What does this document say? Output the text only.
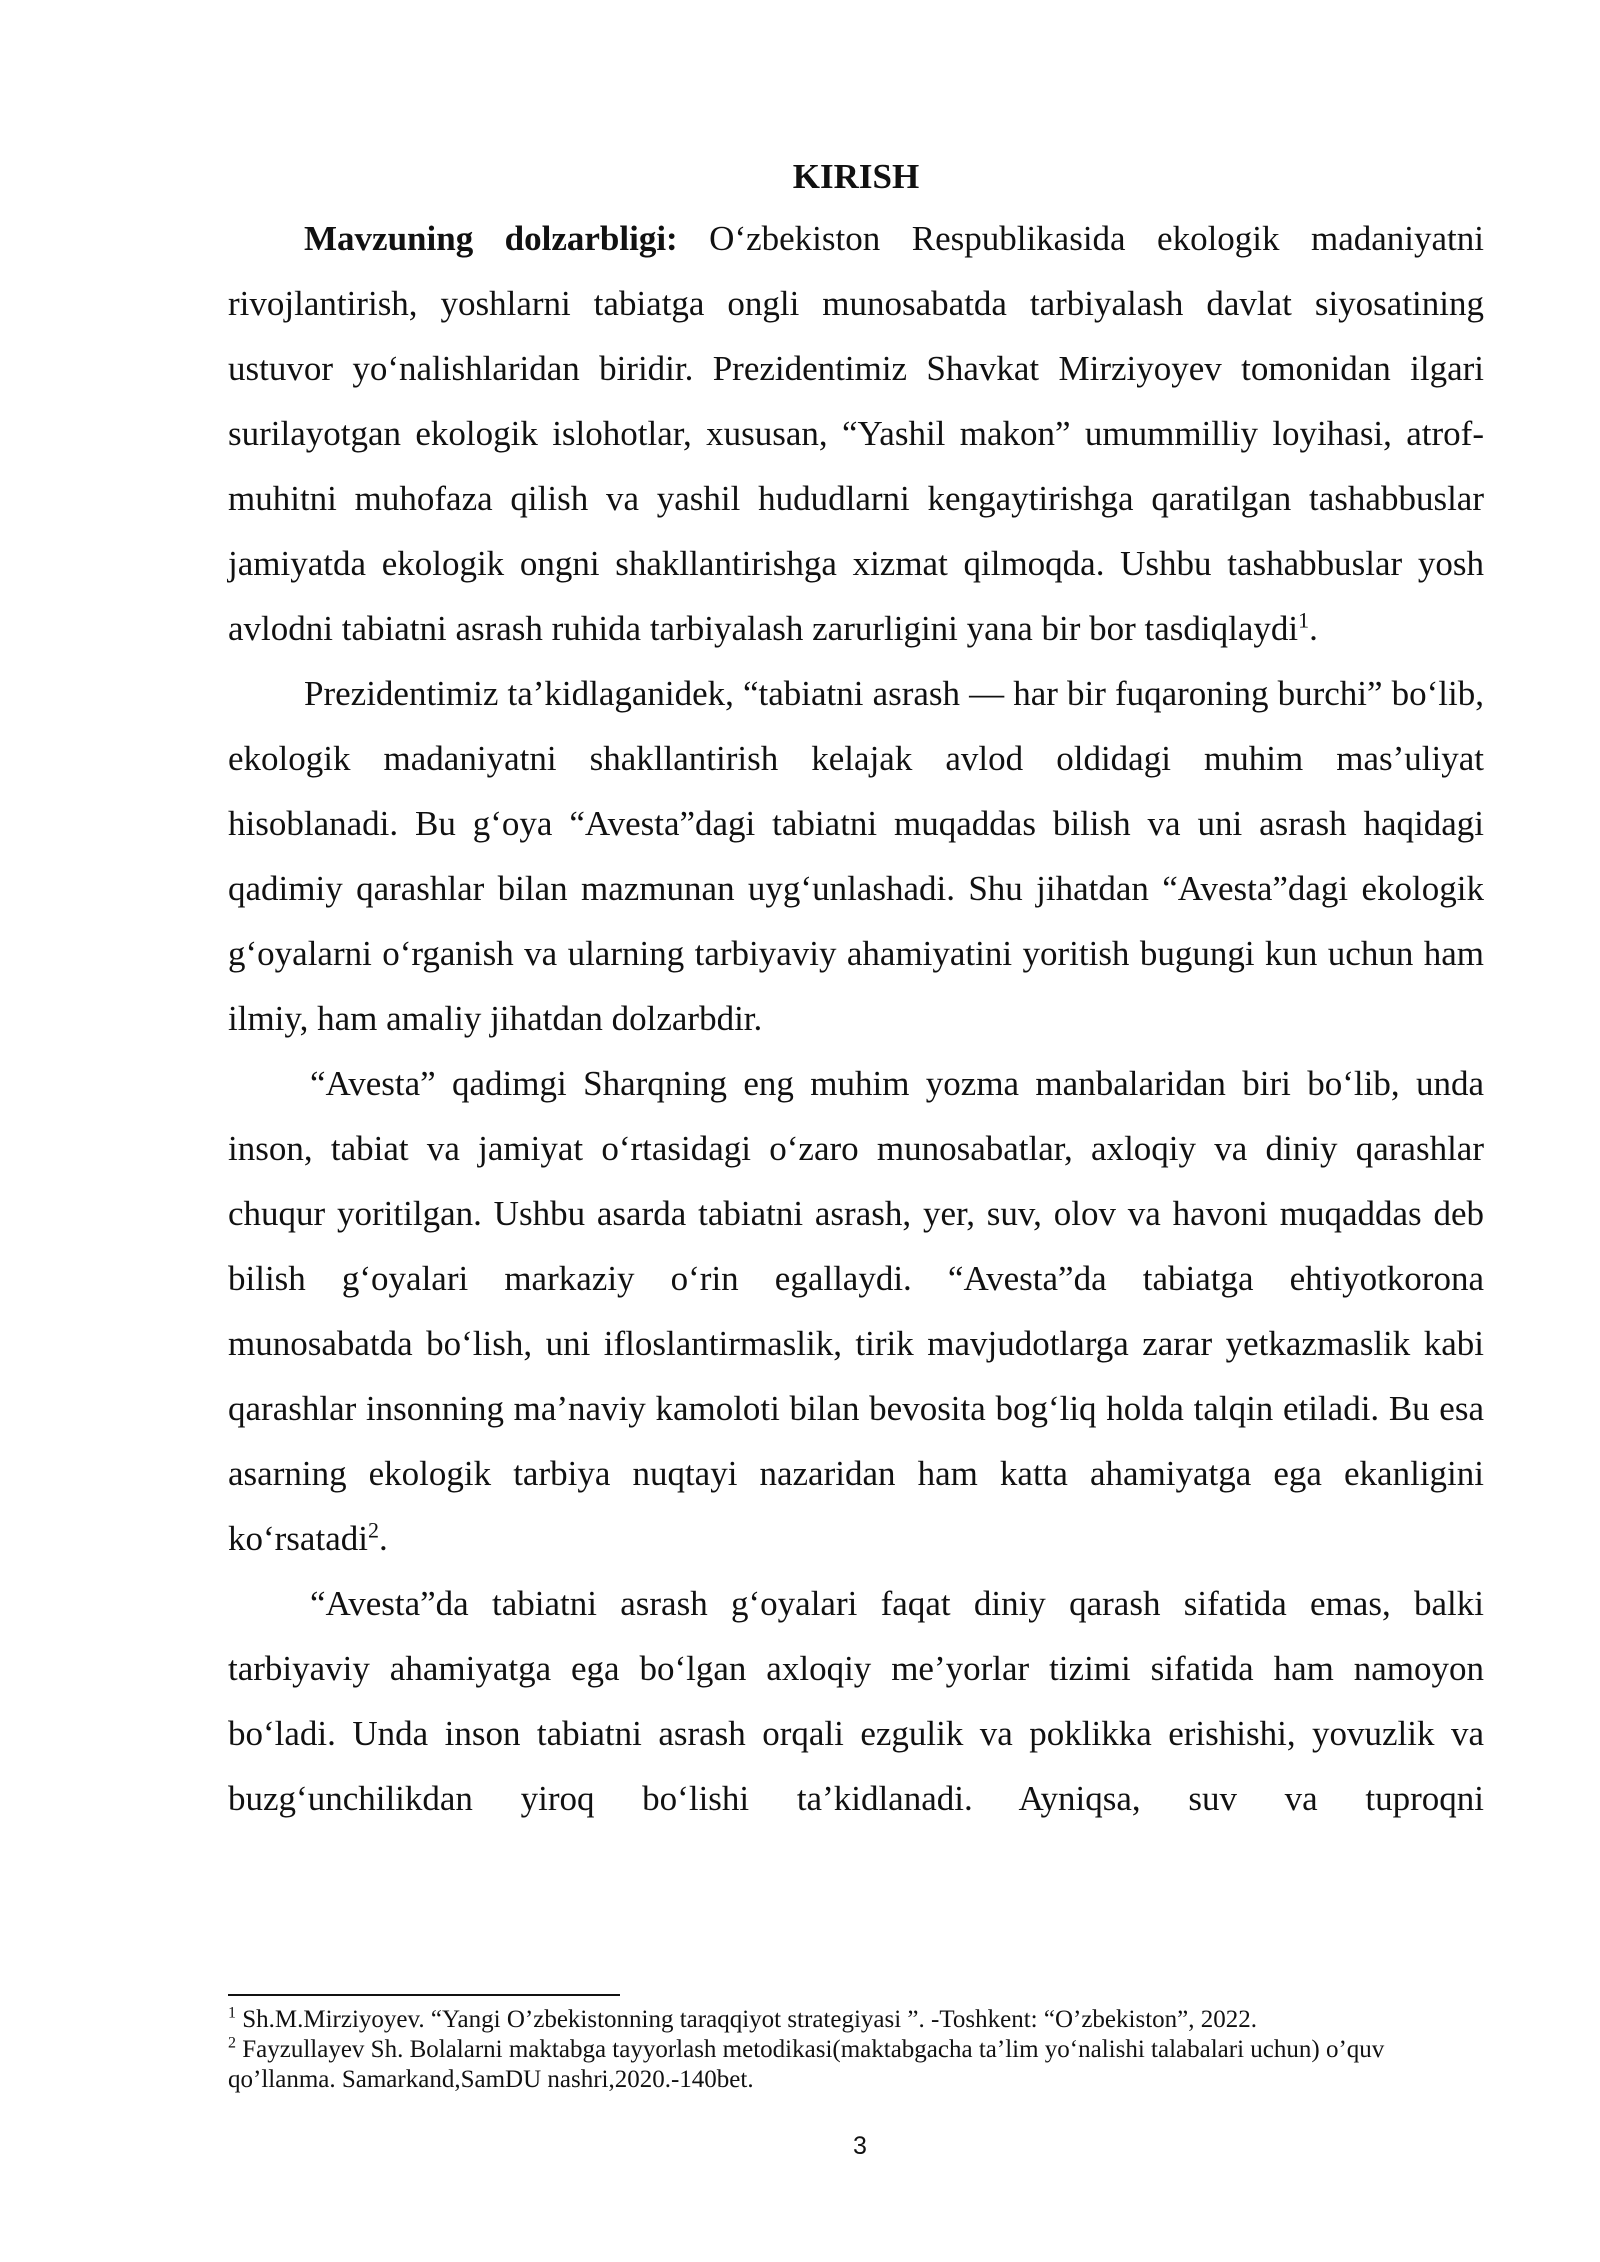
KIRISH

Mavzuning dolzarbligi: O‘zbekiston Respublikasida ekologik madaniyatni rivojlantirish, yoshlarni tabiatga ongli munosabatda tarbiyalash davlat siyosatining ustuvor yo‘nalishlaridan biridir. Prezidentimiz Shavkat Mirziyoyev tomonidan ilgari surilayotgan ekologik islohotlar, xususan, “Yashil makon” umummilliy loyihasi, atrof-muhitni muhofaza qilish va yashil hududlarni kengaytirishga qaratilgan tashabbuslar jamiyatda ekologik ongni shakllantirishga xizmat qilmoqda. Ushbu tashabbuslar yosh avlodni tabiatni asrash ruhida tarbiyalash zarurligini yana bir bor tasdiqlaydi$^1$.

Prezidentimiz ta’kidlaganidek, “tabiatni asrash — har bir fuqaroning burchi” bo‘lib, ekologik madaniyatni shakllantirish kelajak avlod oldidagi muhim mas’uliyat hisoblanadi. Bu g‘oya “Avesta”dagi tabiatni muqaddas bilish va uni asrash haqidagi qadimiy qarashlar bilan mazmunan uyg‘unlashadi. Shu jihatdan “Avesta”dagi ekologik g‘oyalarni o‘rganish va ularning tarbiyaviy ahamiyatini yoritish bugungi kun uchun ham ilmiy, ham amaliy jihatdan dolzarbdir.

“Avesta” qadimgi Sharqning eng muhim yozma manbalaridan biri bo‘lib, unda inson, tabiat va jamiyat o‘rtasidagi o‘zaro munosabatlar, axloqiy va diniy qarashlar chuqur yoritilgan. Ushbu asarda tabiatni asrash, yer, suv, olov va havoni muqaddas deb bilish g‘oyalari markaziy o‘rin egallaydi. “Avesta”da tabiatga ehtiyotkorona munosabatda bo‘lish, uni ifloslantirmaslik, tirik mavjudotlarga zarar yetkazmaslik kabi qarashlar insonning ma’naviy kamoloti bilan bevosita bog‘liq holda talqin etiladi. Bu esa asarning ekologik tarbiya nuqtayi nazaridan ham katta ahamiyatga ega ekanligini ko‘rsatadi$^2$.

“Avesta”da tabiatni asrash g‘oyalari faqat diniy qarash sifatida emas, balki tarbiyaviy ahamiyatga ega bo‘lgan axloqiy me’yorlar tizimi sifatida ham namoyon bo‘ladi. Unda inson tabiatni asrash orqali ezgulik va poklikka erishishi, yovuzlik va buzg‘unchilikdan yiroq bo‘lishi ta’kidlanadi. Ayniqsa, suv va tuproqni

$^1$ Sh.M.Mirziyoyev. “Yangi O’zbekistonning taraqqiyot strategiyasi ”. -Toshkent: “O’zbekiston”, 2022.

$^2$ Fayzullayev Sh. Bolalarni maktabga tayyorlash metodikasi(maktabgacha ta’lim yo‘nalishi talabalari uchun) o’quv qo’llanma. Samarkand,SamDU nashri,2020.-140bet.

3
